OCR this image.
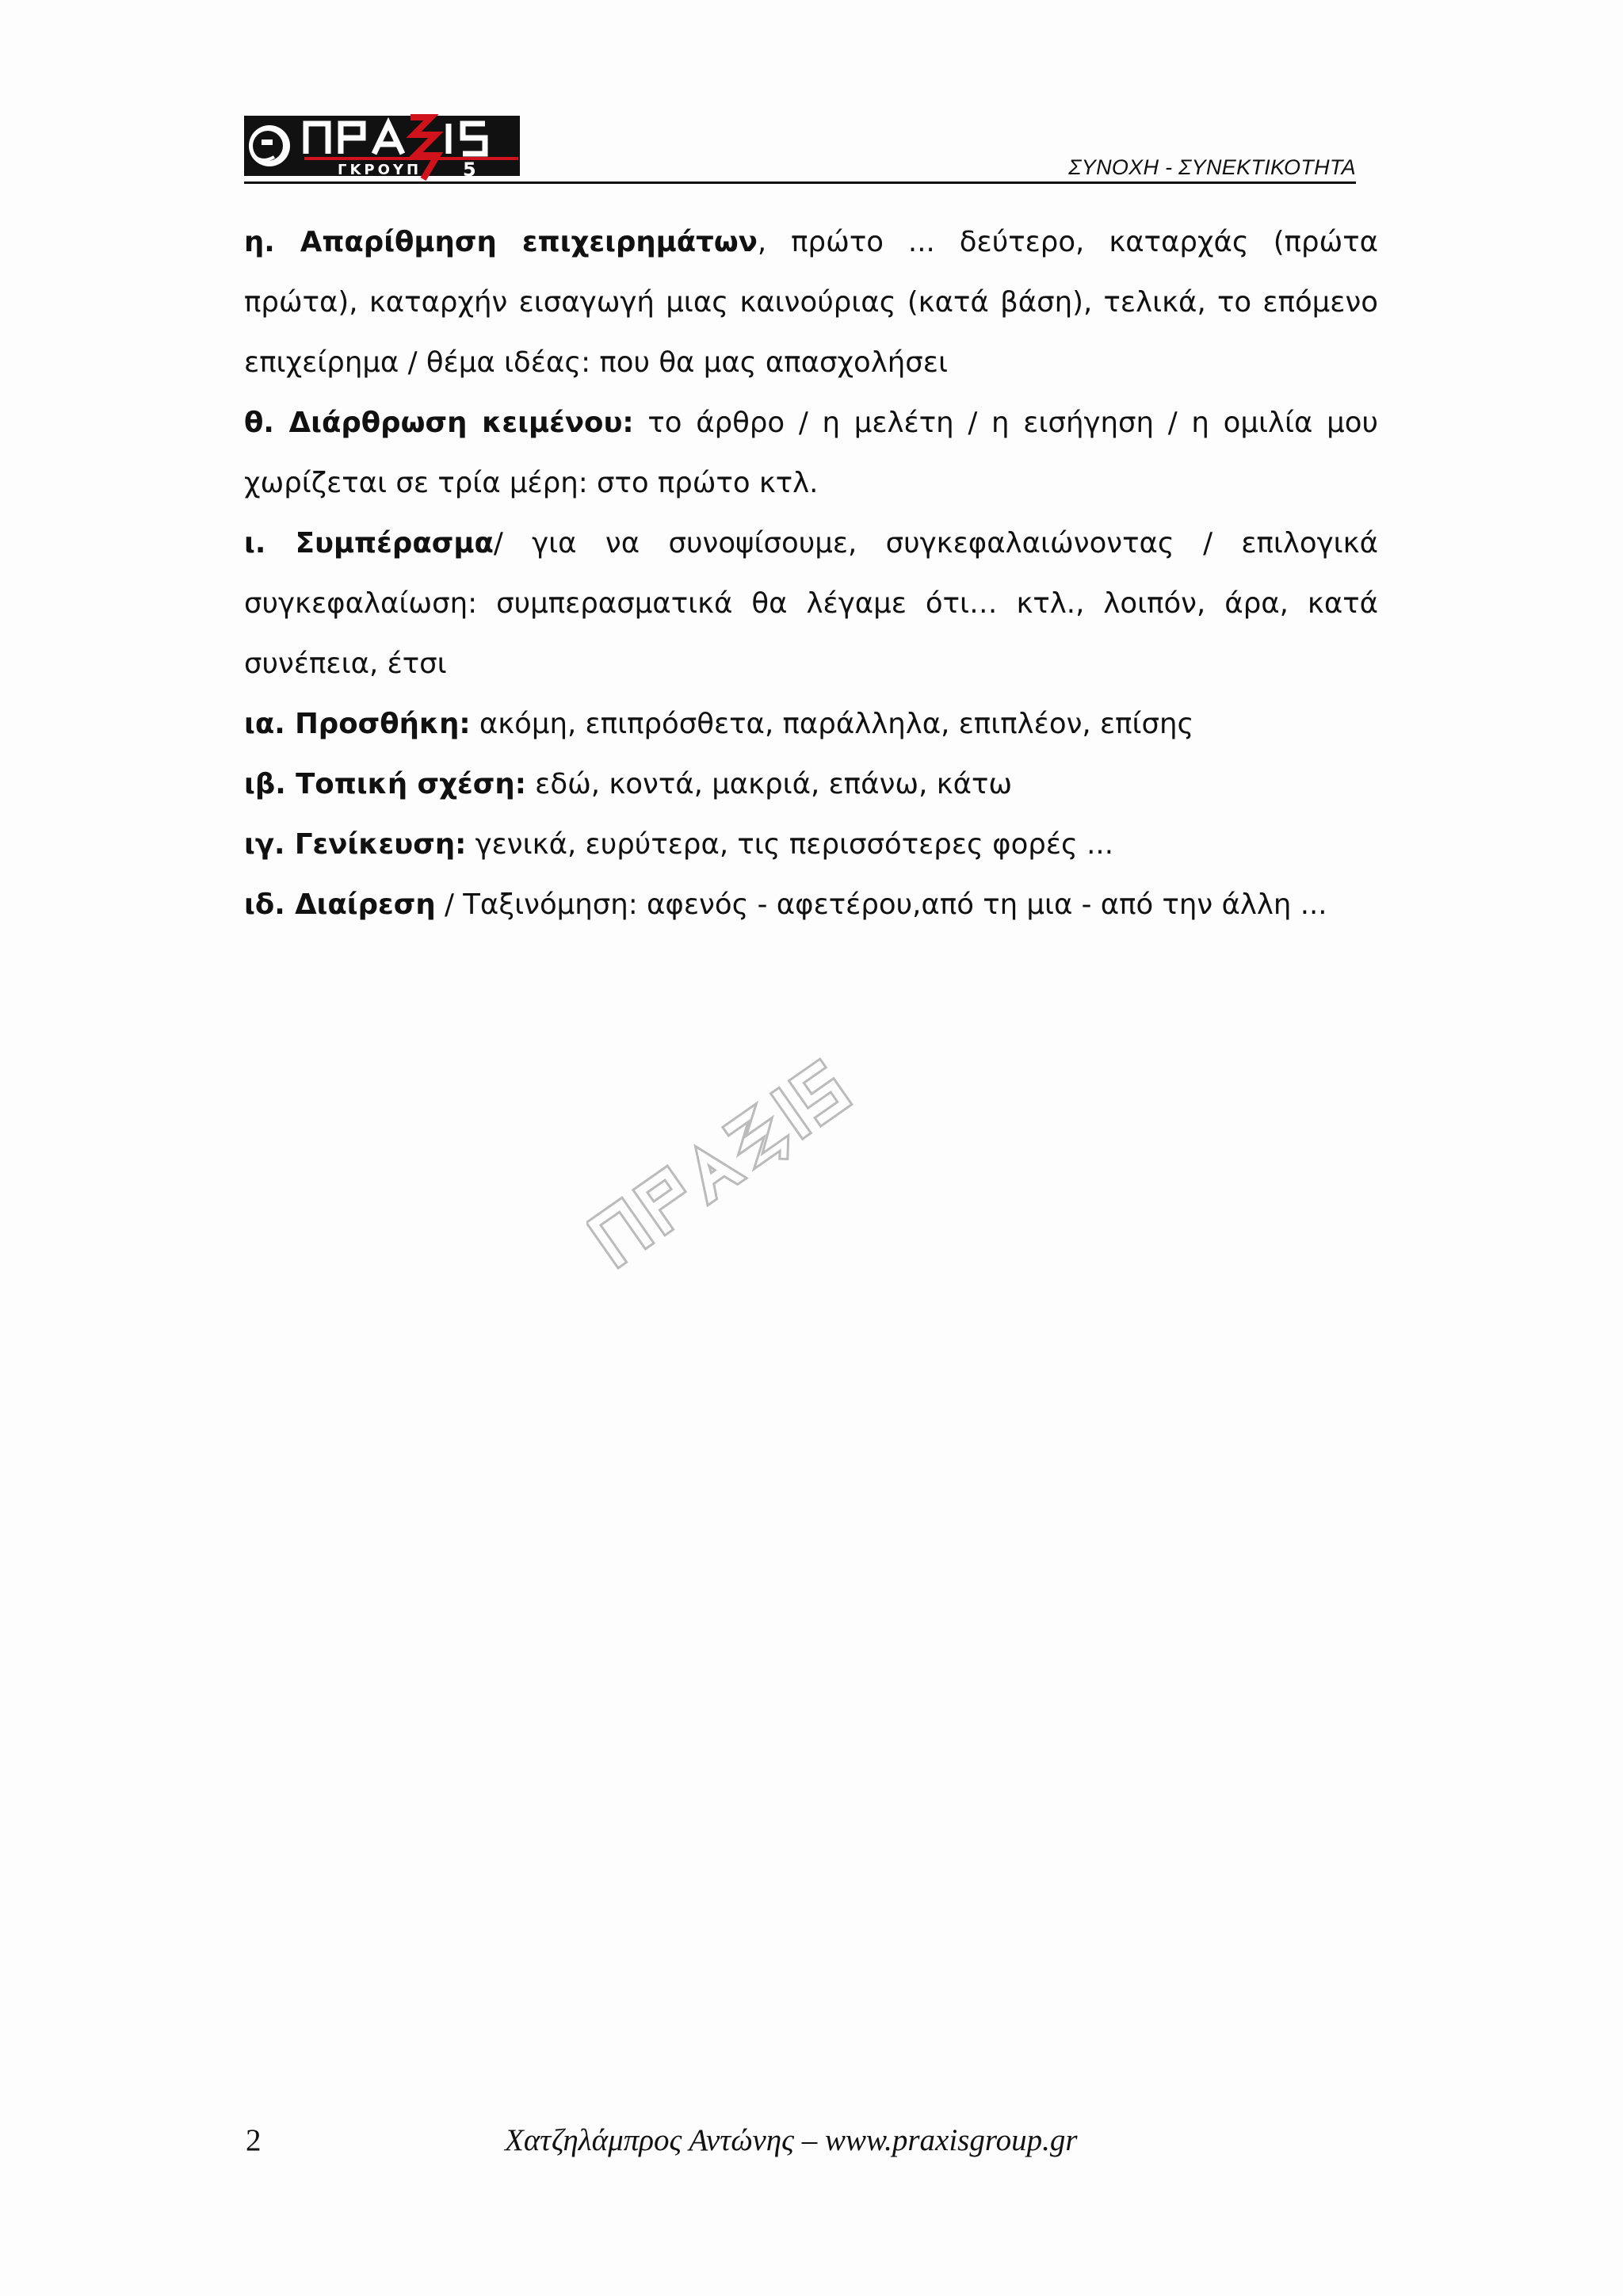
ΓΚΡΟΥΠ 5	ΣΥΝΟΧΗ - ΣΥΝΕΚΤΙΚΟΤΗΤΑ

η. Απαρίθμηση επιχειρημάτων, πρώτο ... δεύτερο, καταρχάς (πρώτα πρώτα), καταρχήν εισαγωγή μιας καινούριας (κατά βάση), τελικά, το επόμενο επιχείρημα / θέμα ιδέας: που θα μας απασχολήσει

θ. Διάρθρωση κειμένου: το άρθρο / η μελέτη / η εισήγηση / η ομιλία μου χωρίζεται σε τρία μέρη: στο πρώτο κτλ.

ι. Συμπέρασμα/ για να συνοψίσουμε, συγκεφαλαιώνοντας / επιλογικά συγκεφαλαίωση: συμπερασματικά θα λέγαμε ότι… κτλ., λοιπόν, άρα, κατά συνέπεια, έτσι

ια. Προσθήκη: ακόμη, επιπρόσθετα, παράλληλα, επιπλέον, επίσης

ιβ. Τοπική σχέση: εδώ, κοντά, μακριά, επάνω, κάτω

ιγ. Γενίκευση: γενικά, ευρύτερα, τις περισσότερες φορές ...

ιδ. Διαίρεση / Ταξινόμηση: αφενός - αφετέρου,από τη μια - από την άλλη ...

2	Χατζηλάμπρος Αντώνης – www.praxisgroup.gr
